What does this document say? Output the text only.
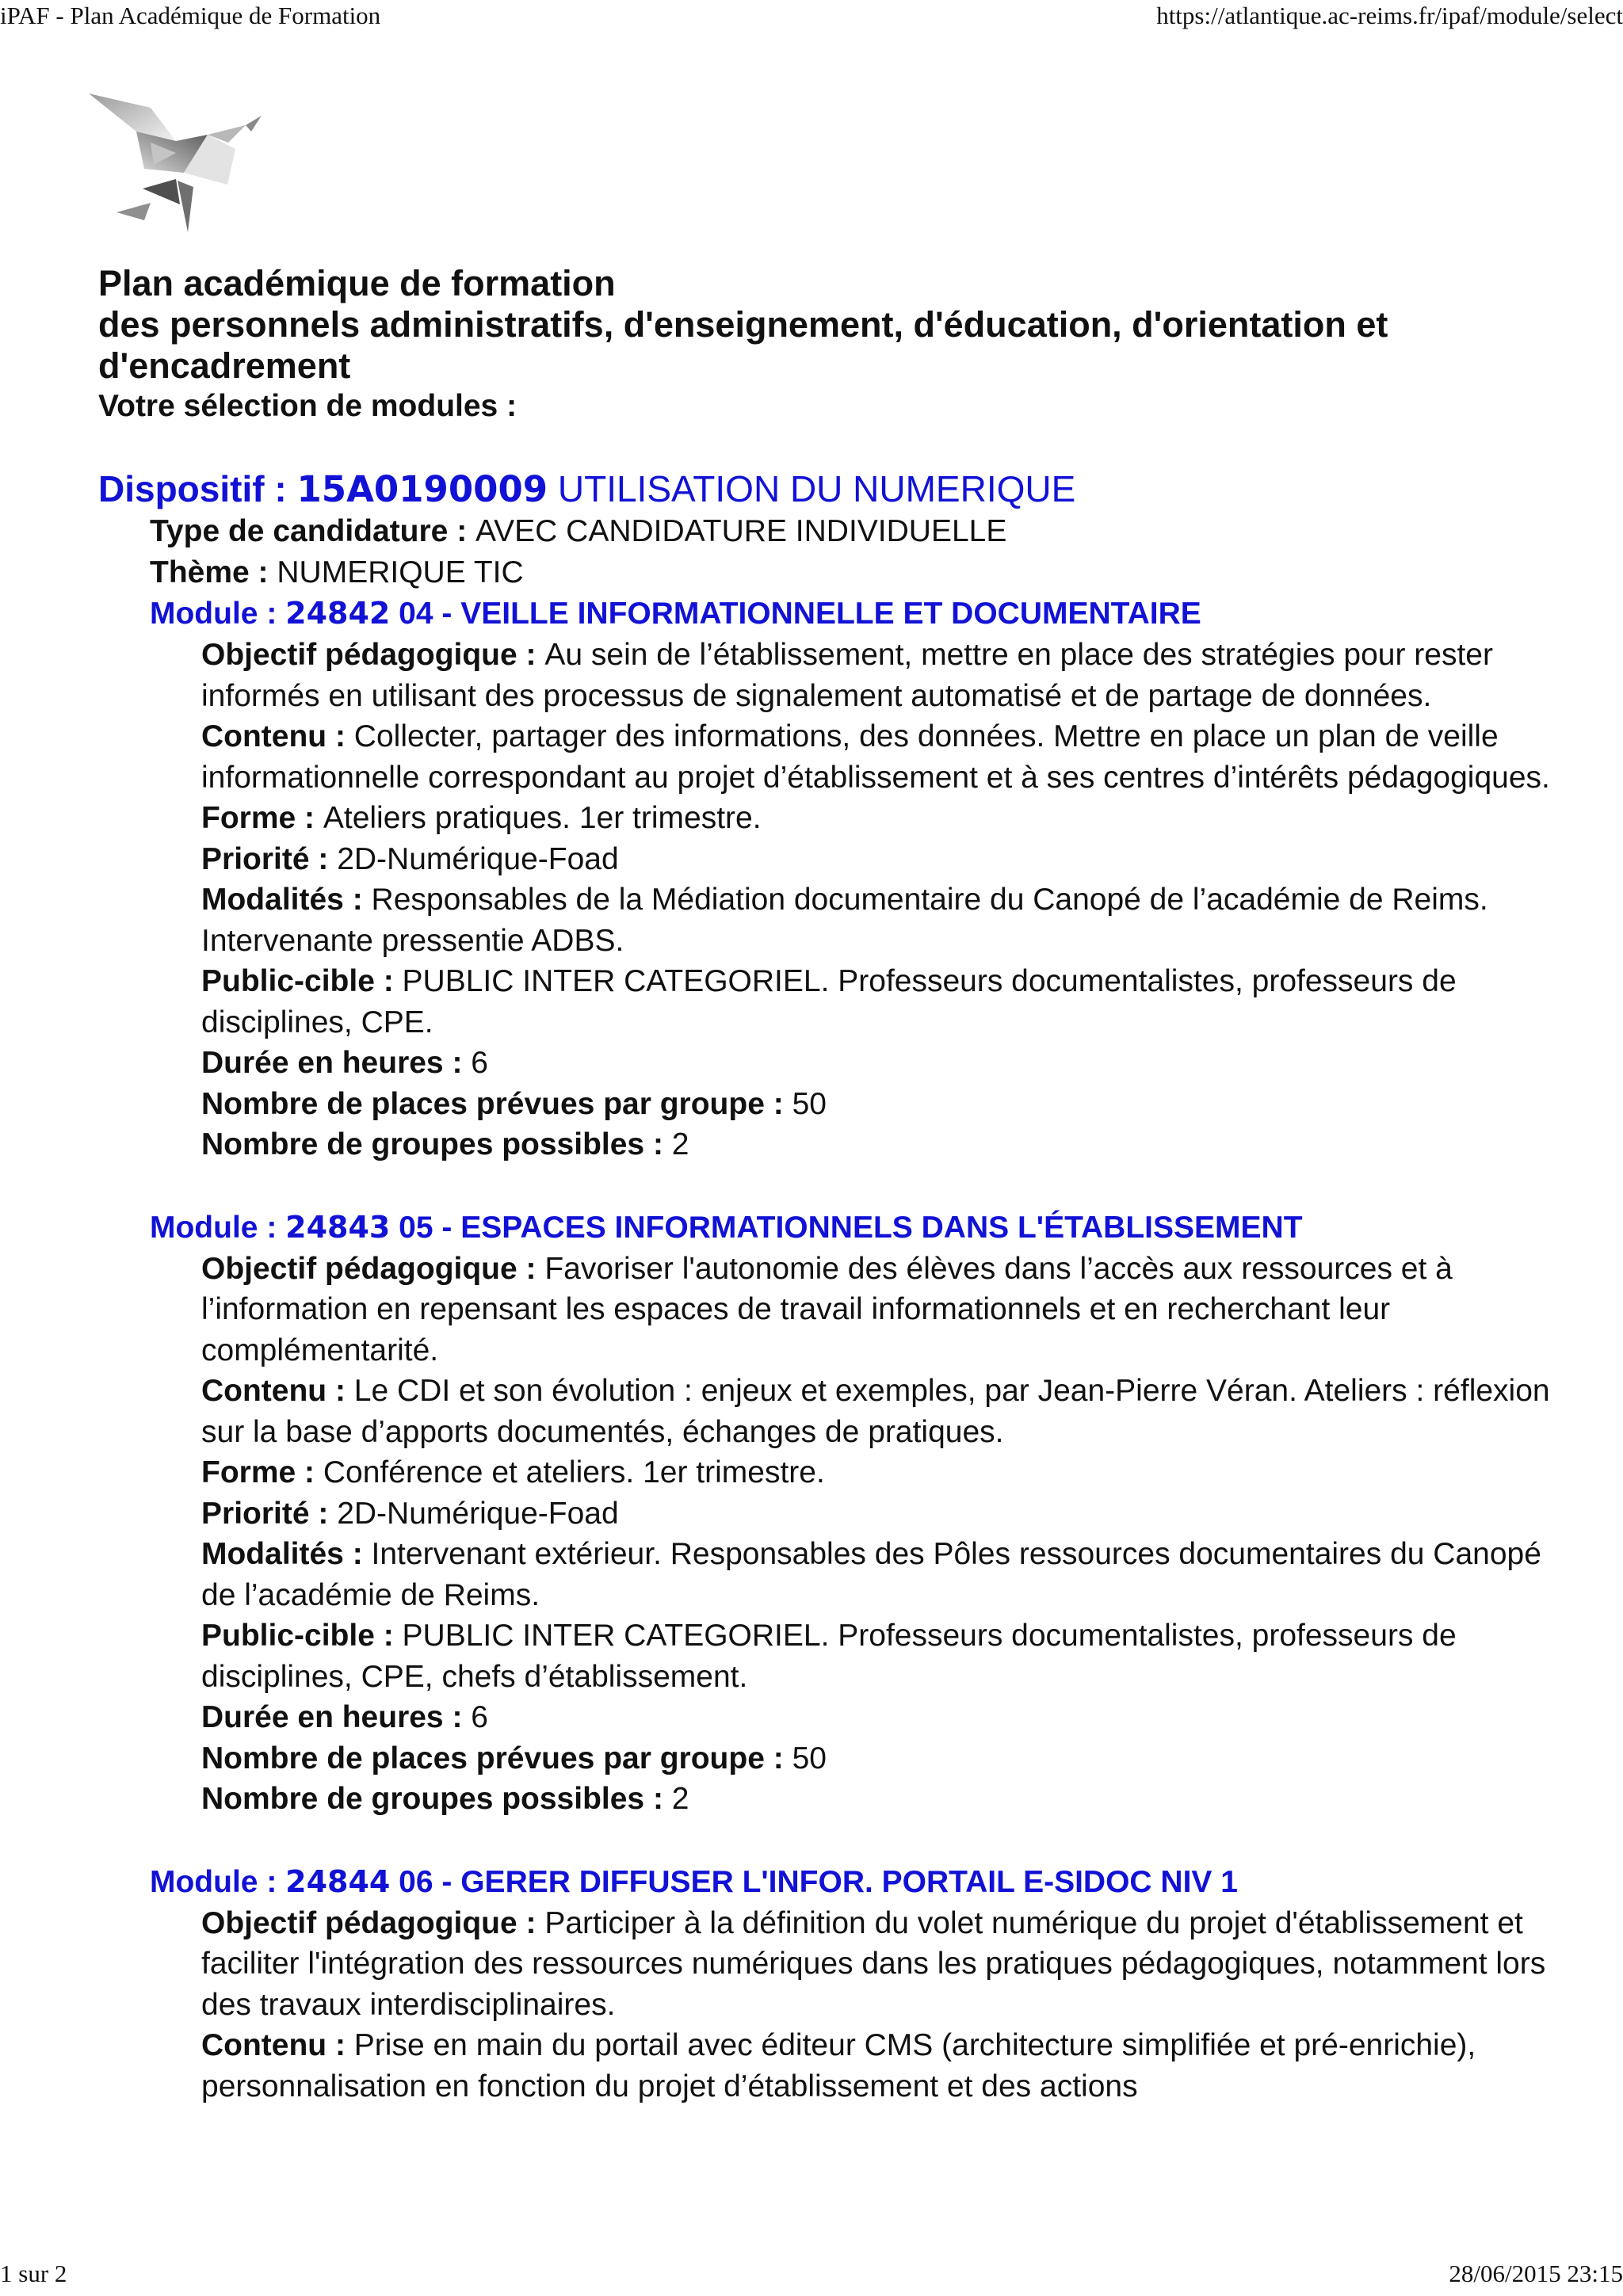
iPAF - Plan Académique de Formation	https://atlantique.ac-reims.fr/ipaf/module/select
Plan académique de formation
des personnels administratifs, d'enseignement, d'éducation, d'orientation et d'encadrement
Votre sélection de modules :
Dispositif : 15A0190009 UTILISATION DU NUMERIQUE
Type de candidature : AVEC CANDIDATURE INDIVIDUELLE
Thème : NUMERIQUE TIC
Module : 24842 04 - VEILLE INFORMATIONNELLE ET DOCUMENTAIRE
Objectif pédagogique : Au sein de l’établissement, mettre en place des stratégies pour rester informés en utilisant des processus de signalement automatisé et de partage de données.
Contenu : Collecter, partager des informations, des données. Mettre en place un plan de veille informationnelle correspondant au projet d’établissement et à ses centres d’intérêts pédagogiques.
Forme : Ateliers pratiques. 1er trimestre.
Priorité : 2D-Numérique-Foad
Modalités : Responsables de la Médiation documentaire du Canopé de l’académie de Reims. Intervenante pressentie ADBS.
Public-cible : PUBLIC INTER CATEGORIEL. Professeurs documentalistes, professeurs de disciplines, CPE.
Durée en heures : 6
Nombre de places prévues par groupe : 50
Nombre de groupes possibles : 2
Module : 24843 05 - ESPACES INFORMATIONNELS DANS L'ÉTABLISSEMENT
Objectif pédagogique : Favoriser l'autonomie des élèves dans l’accès aux ressources et à l’information en repensant les espaces de travail informationnels et en recherchant leur complémentarité.
Contenu : Le CDI et son évolution : enjeux et exemples, par Jean-Pierre Véran. Ateliers : réflexion sur la base d’apports documentés, échanges de pratiques.
Forme : Conférence et ateliers. 1er trimestre.
Priorité : 2D-Numérique-Foad
Modalités : Intervenant extérieur. Responsables des Pôles ressources documentaires du Canopé de l’académie de Reims.
Public-cible : PUBLIC INTER CATEGORIEL. Professeurs documentalistes, professeurs de disciplines, CPE, chefs d’établissement.
Durée en heures : 6
Nombre de places prévues par groupe : 50
Nombre de groupes possibles : 2
Module : 24844 06 - GERER DIFFUSER L'INFOR. PORTAIL E-SIDOC NIV 1
Objectif pédagogique : Participer à la définition du volet numérique du projet d'établissement et faciliter l'intégration des ressources numériques dans les pratiques pédagogiques, notamment lors des travaux interdisciplinaires.
Contenu : Prise en main du portail avec éditeur CMS (architecture simplifiée et pré-enrichie), personnalisation en fonction du projet d’établissement et des actions
1 sur 2	28/06/2015 23:15
